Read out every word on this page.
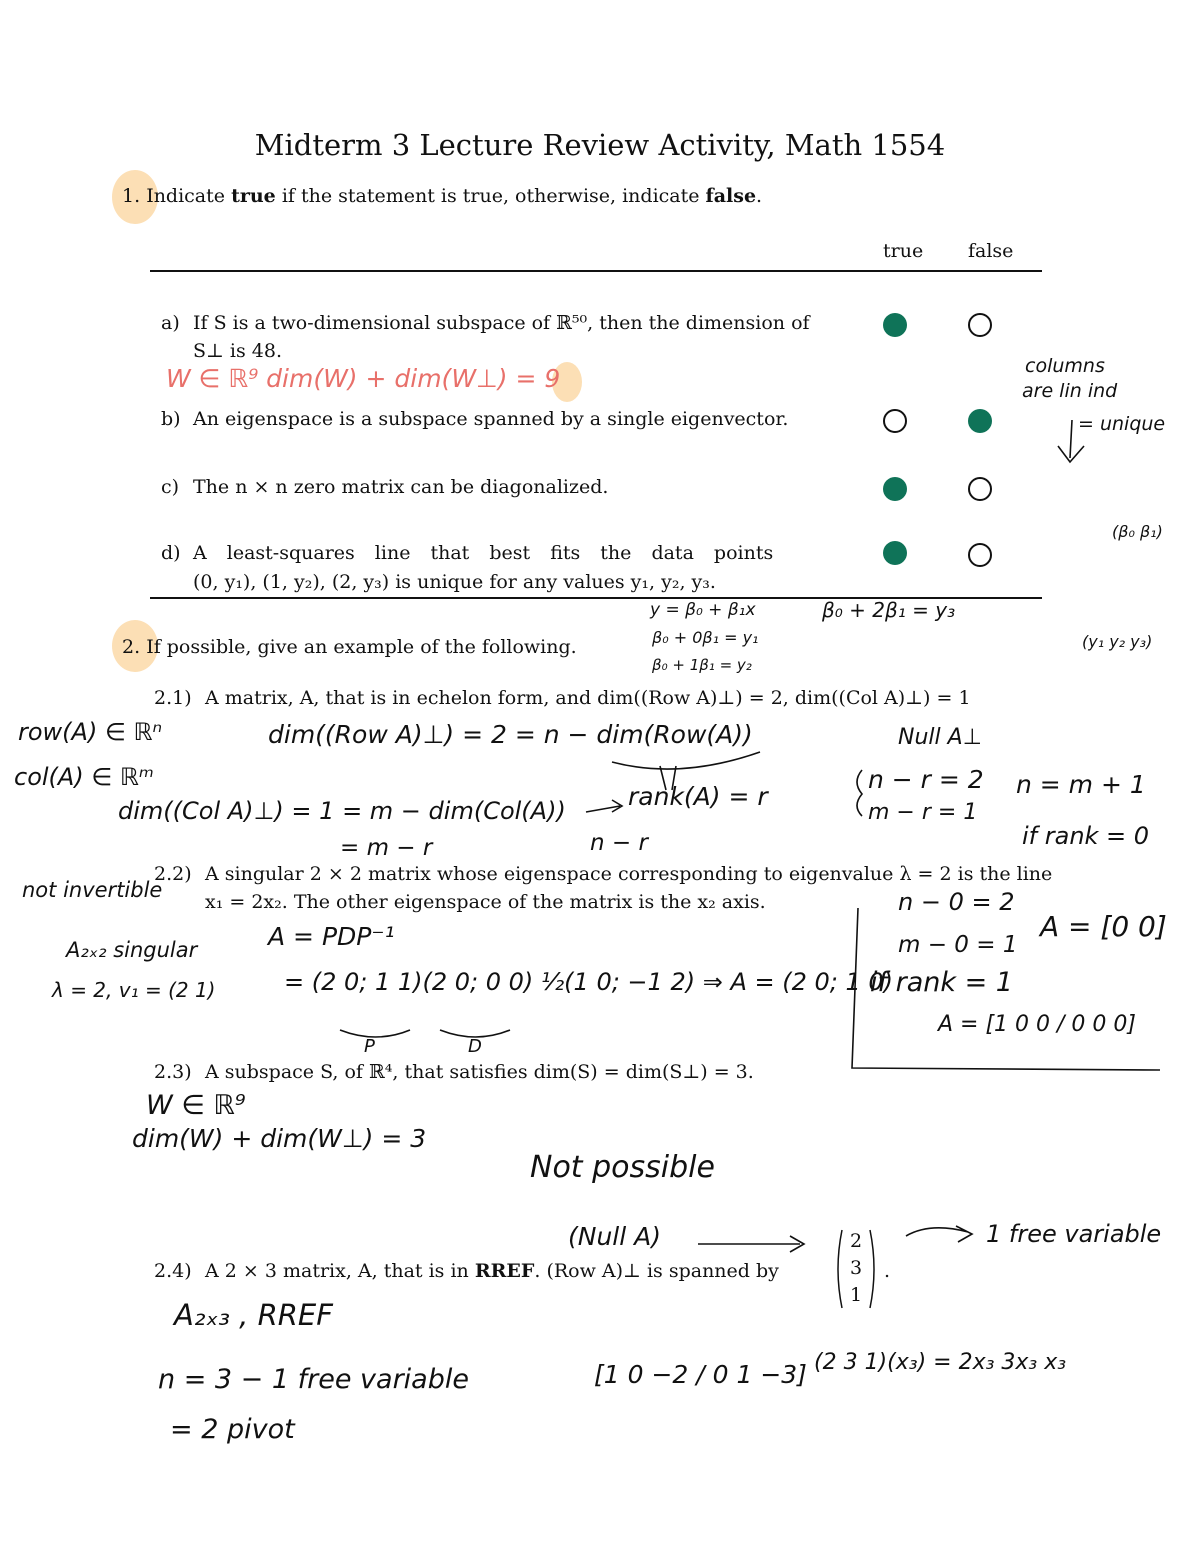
Midterm 3 Lecture Review Activity, Math 1554
1. Indicate true if the statement is true, otherwise, indicate false.
true false
a) If S is a two-dimensional subspace of ℝ⁵⁰, then the dimension of
S⊥ is 48.
b) An eigenspace is a subspace spanned by a single eigenvector.
c) The n × n zero matrix can be diagonalized.
d) A least-squares line that best fits the data points
(0, y₁), (1, y₂), (2, y₃) is unique for any values y₁, y₂, y₃.
2. If possible, give an example of the following.
2.1) A matrix, A, that is in echelon form, and dim((Row A)⊥) = 2, dim((Col A)⊥) = 1
2.2) A singular 2 × 2 matrix whose eigenspace corresponding to eigenvalue λ = 2 is the line
x₁ = 2x₂. The other eigenspace of the matrix is the x₂ axis.
2.3) A subspace S, of ℝ⁴, that satisfies dim(S) = dim(S⊥) = 3.
2.4) A 2 × 3 matrix, A, that is in RREF. (Row A)⊥ is spanned by
2
3
1
.
W ∈ ℝ⁹ dim(W) + dim(W⊥) = 9	columns
are lin ind
= unique
(β₀ β₁)
(y₁ y₂ y₃)
y = β₀ + β₁x
β₀ + 0β₁ = y₁
β₀ + 1β₁ = y₂
β₀ + 2β₁ = y₃
row(A) ∈ ℝⁿ
col(A) ∈ ℝᵐ
dim((Row A)⊥) = 2 = n − dim(Row(A))
dim((Col A)⊥) = 1 = m − dim(Col(A))
= m − r	n − r
rank(A) = r
Null A⊥
n − r = 2
m − r = 1
n = m + 1
if rank = 0
n − 0 = 2
m − 0 = 1
A = [0 0]
if rank = 1
A = [1 0 0 / 0 0 0]
not invertible
A₂ₓ₂ singular
λ = 2, v₁ = (2 1)
A = PDP⁻¹
= (2 0; 1 1)(2 0; 0 0) ½(1 0; −1 2) ⇒ A = (2 0; 1 0)
P	D
W ∈ ℝ⁹
dim(W) + dim(W⊥) = 3
Not possible
(Null A)	1 free variable
A₂ₓ₃ , RREF
n = 3 − 1 free variable
= 2 pivot
[1 0 −2 / 0 1 −3] (2 3 1)(x₃) = 2x₃ 3x₃ x₃
